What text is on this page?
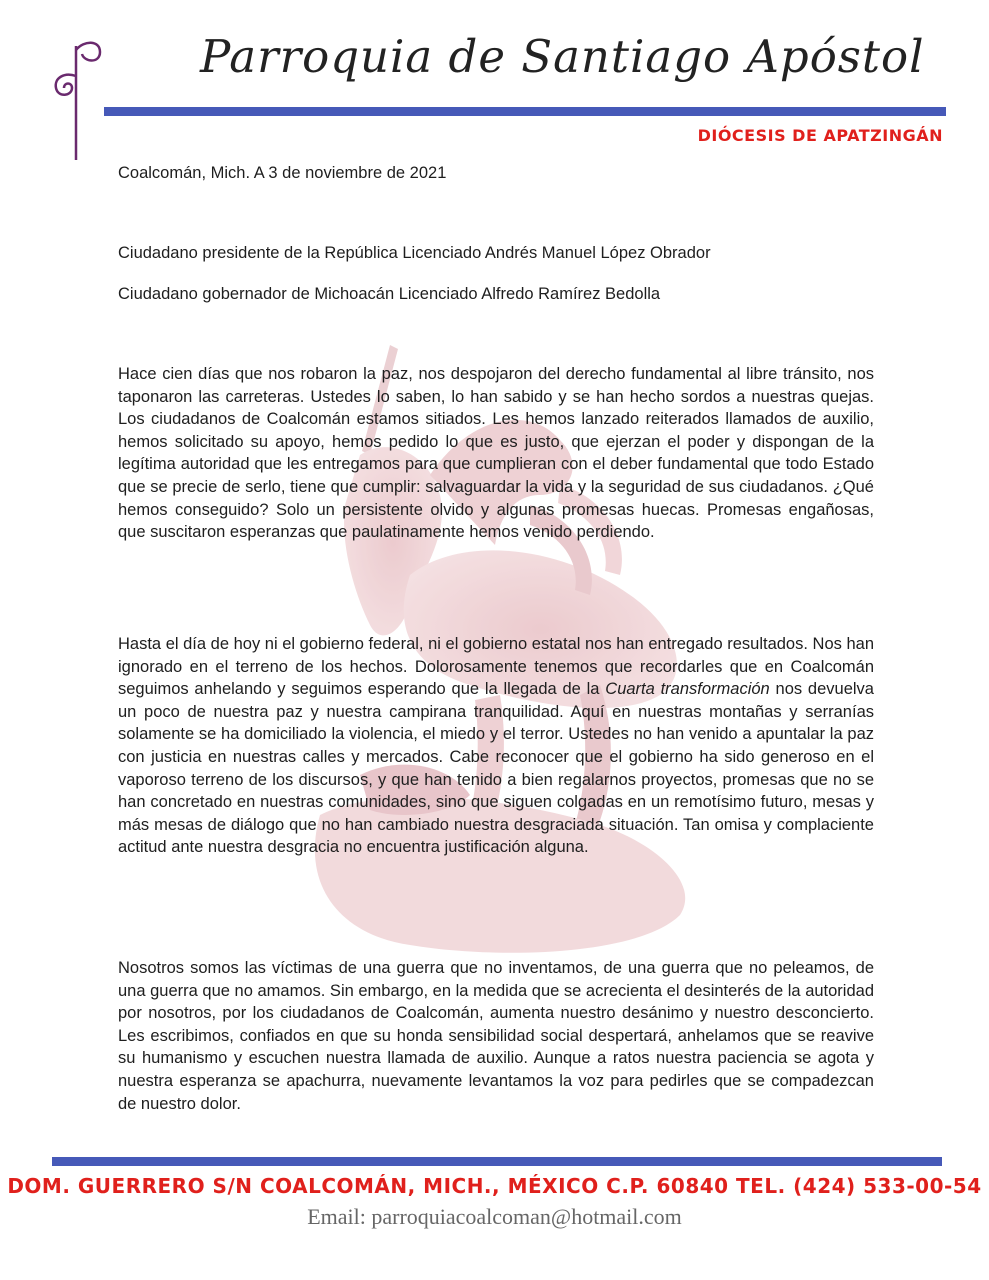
Parroquia de Santiago Apóstol
DIÓCESIS DE APATZINGÁN
Coalcomán, Mich. A 3 de noviembre de 2021
Ciudadano presidente de la República Licenciado Andrés Manuel López Obrador
Ciudadano gobernador de Michoacán Licenciado Alfredo Ramírez Bedolla
Hace cien días que nos robaron la paz, nos despojaron del derecho fundamental al libre tránsito, nos taponaron las carreteras. Ustedes lo saben, lo han sabido y se han hecho sordos a nuestras quejas. Los ciudadanos de Coalcomán estamos sitiados. Les hemos lanzado reiterados llamados de auxilio, hemos solicitado su apoyo, hemos pedido lo que es justo, que ejerzan el poder y dispongan de la legítima autoridad que les entregamos para que cumplieran con el deber fundamental que todo Estado que se precie de serlo, tiene que cumplir: salvaguardar la vida y la seguridad de sus ciudadanos. ¿Qué hemos conseguido? Solo un persistente olvido y algunas promesas huecas. Promesas engañosas, que suscitaron esperanzas que paulatinamente hemos venido perdiendo.
Hasta el día de hoy ni el gobierno federal, ni el gobierno estatal nos han entregado resultados. Nos han ignorado en el terreno de los hechos. Dolorosamente tenemos que recordarles que en Coalcomán seguimos anhelando y seguimos esperando que la llegada de la Cuarta transformación nos devuelva un poco de nuestra paz y nuestra campirana tranquilidad. Aquí en nuestras montañas y serranías solamente se ha domiciliado la violencia, el miedo y el terror. Ustedes no han venido a apuntalar la paz con justicia en nuestras calles y mercados. Cabe reconocer que el gobierno ha sido generoso en el vaporoso terreno de los discursos, y que han tenido a bien regalarnos proyectos, promesas que no se han concretado en nuestras comunidades, sino que siguen colgadas en un remotísimo futuro, mesas y más mesas de diálogo que no han cambiado nuestra desgraciada situación. Tan omisa y complaciente actitud ante nuestra desgracia no encuentra justificación alguna.
Nosotros somos las víctimas de una guerra que no inventamos, de una guerra que no peleamos, de una guerra que no amamos. Sin embargo, en la medida que se acrecienta el desinterés de la autoridad por nosotros, por los ciudadanos de Coalcomán, aumenta nuestro desánimo y nuestro desconcierto. Les escribimos, confiados en que su honda sensibilidad social despertará, anhelamos que se reavive su humanismo y escuchen nuestra llamada de auxilio. Aunque a ratos nuestra paciencia se agota y nuestra esperanza se apachurra, nuevamente levantamos la voz para pedirles que se compadezcan de nuestro dolor.
DOM. GUERRERO S/N COALCOMÁN, MICH., MÉXICO C.P. 60840 TEL. (424) 533-00-54
Email: parroquiacoalcoman@hotmail.com
